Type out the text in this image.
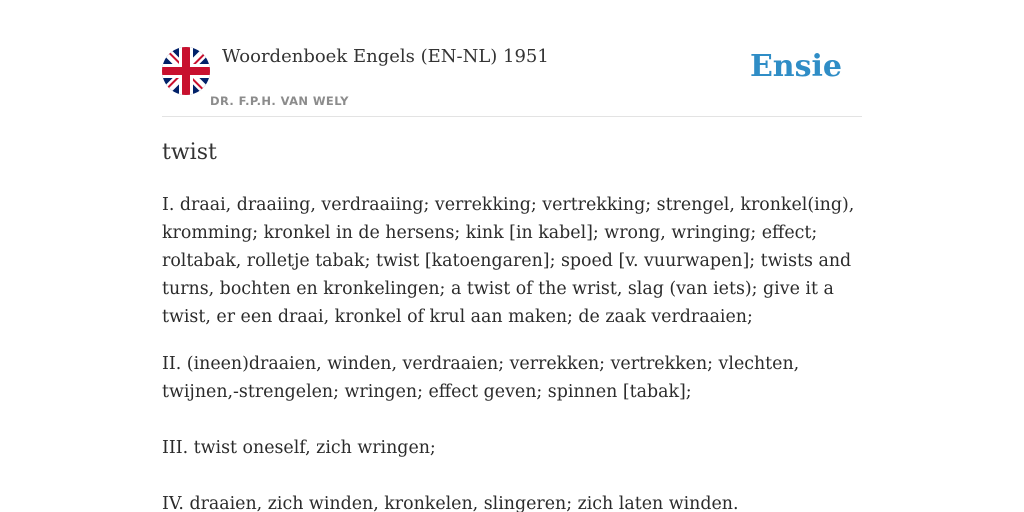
Woordenboek Engels (EN-NL) 1951
DR. F.P.H. VAN WELY
Ensie
twist

I. draai, draaiing, verdraaiing; verrekking; vertrekking; strengel, kronkel(ing), kromming; kronkel in de hersens; kink [in kabel]; wrong, wringing; effect; roltabak, rolletje tabak; twist [katoengaren]; spoed [v. vuurwapen]; twists and turns, bochten en kronkelingen; a twist of the wrist, slag (van iets); give it a twist, er een draai, kronkel of krul aan maken; de zaak verdraaien;

II. (ineen)draaien, winden, verdraaien; verrekken; vertrekken; vlechten, twijnen,-strengelen; wringen; effect geven; spinnen [tabak];

III. twist oneself, zich wringen;

IV. draaien, zich winden, kronkelen, slingeren; zich laten winden.
